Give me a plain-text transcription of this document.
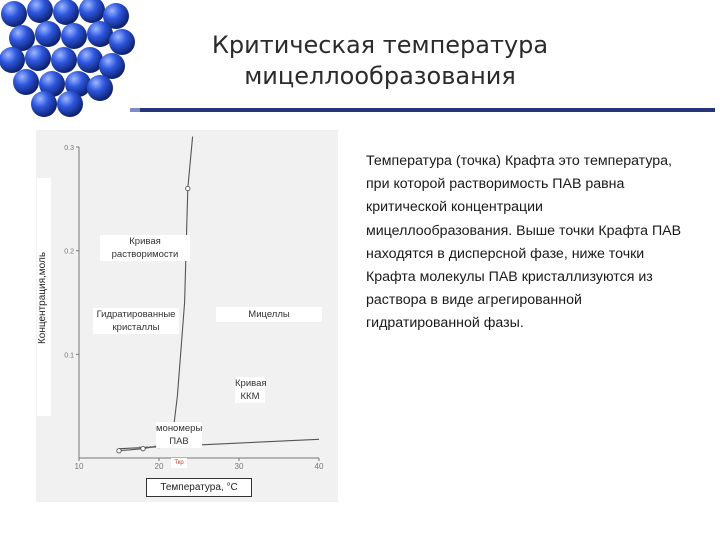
Критическая температура
мицеллообразования
10	20	30	40
0.1
0.2
0.3
Концентрация,моль
Кривая растворимости
Гидратированные кристаллы
Мицеллы
Кривая ККМ
мономеры ПАВ
Ткр
Температура, °С
Температура (точка) Крафта это температура, при которой растворимость ПАВ равна критической концентрации мицеллообразования. Выше точки Крафта ПАВ находятся в дисперсной фазе, ниже точки Крафта молекулы ПАВ кристаллизуются из раствора в виде агрегированной гидратированной фазы.
